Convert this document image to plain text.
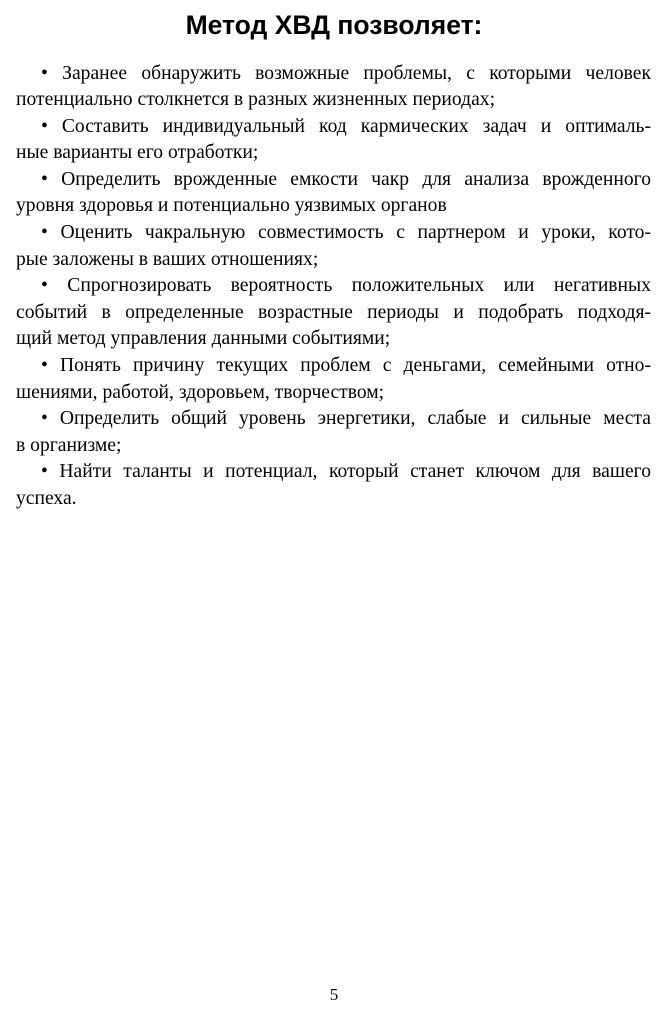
Метод ХВД позволяет:
• Заранее обнаружить возможные проблемы, с которыми человек
потенциально столкнется в разных жизненных периодах;
• Составить индивидуальный код кармических задач и оптималь-
ные варианты его отработки;
• Определить врожденные емкости чакр для анализа врожденного
уровня здоровья и потенциально уязвимых органов
• Оценить чакральную совместимость с партнером и уроки, кото-
рые заложены в ваших отношениях;
• Спрогнозировать вероятность положительных или негативных
событий в определенные возрастные периоды и подобрать подходя-
щий метод управления данными событиями;
• Понять причину текущих проблем с деньгами, семейными отно-
шениями, работой, здоровьем, творчеством;
• Определить общий уровень энергетики, слабые и сильные места
в организме;
• Найти таланты и потенциал, который станет ключом для вашего
успеха.
5
